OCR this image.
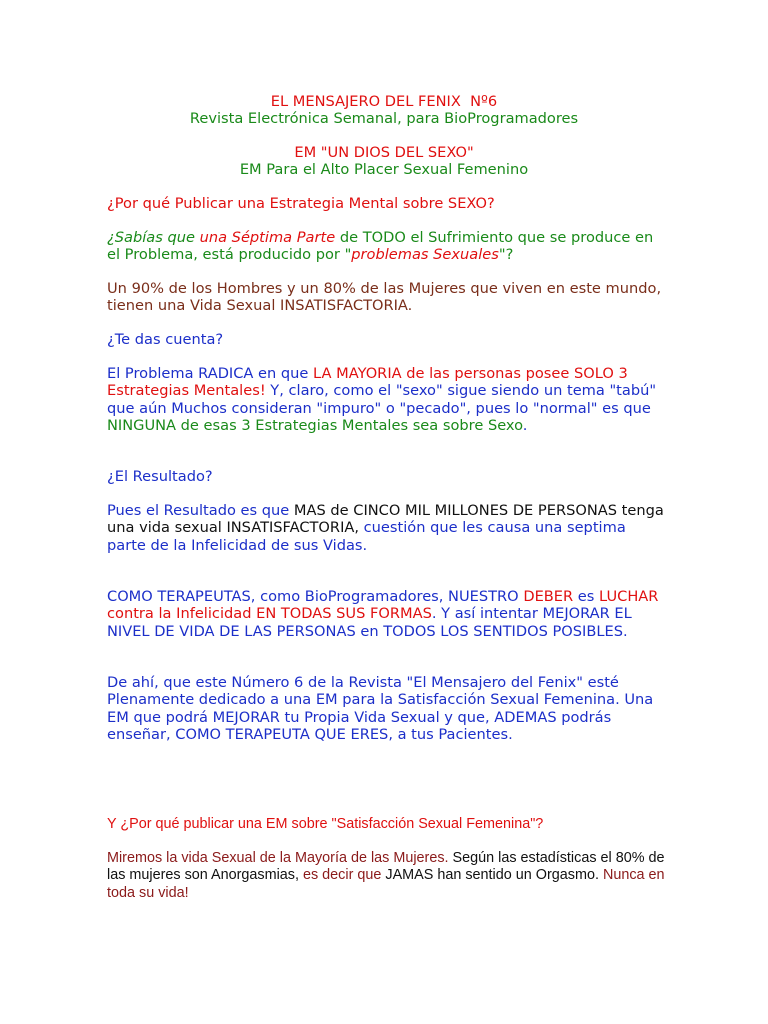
EL MENSAJERO DEL FENIX  Nº6
Revista Electrónica Semanal, para BioProgramadores
EM "UN DIOS DEL SEXO"
EM Para el Alto Placer Sexual Femenino

¿Por qué Publicar una Estrategia Mental sobre SEXO?

¿Sabías que una Séptima Parte de TODO el Sufrimiento que se produce en el Problema, está producido por "problemas Sexuales"?

Un 90% de los Hombres y un 80% de las Mujeres que viven en este mundo, tienen una Vida Sexual INSATISFACTORIA.

¿Te das cuenta?

El Problema RADICA en que LA MAYORIA de las personas posee SOLO 3 Estrategias Mentales! Y, claro, como el "sexo" sigue siendo un tema "tabú" que aún Muchos consideran "impuro" o "pecado", pues lo "normal" es que NINGUNA de esas 3 Estrategias Mentales sea sobre Sexo.

¿El Resultado?

Pues el Resultado es que MAS de CINCO MIL MILLONES DE PERSONAS tenga una vida sexual INSATISFACTORIA, cuestión que les causa una septima parte de la Infelicidad de sus Vidas.

COMO TERAPEUTAS, como BioProgramadores, NUESTRO DEBER es LUCHAR contra la Infelicidad EN TODAS SUS FORMAS. Y así intentar MEJORAR EL NIVEL DE VIDA DE LAS PERSONAS en TODOS LOS SENTIDOS POSIBLES.

De ahí, que este Número 6 de la Revista "El Mensajero del Fenix" esté Plenamente dedicado a una EM para la Satisfacción Sexual Femenina. Una EM que podrá MEJORAR tu Propia Vida Sexual y que, ADEMAS podrás enseñar, COMO TERAPEUTA QUE ERES, a tus Pacientes.

Y ¿Por qué publicar una EM sobre "Satisfacción Sexual Femenina"?

Miremos la vida Sexual de la Mayoría de las Mujeres. Según las estadísticas el 80% de las mujeres son Anorgasmias, es decir que JAMAS han sentido un Orgasmo. Nunca en toda su vida!
